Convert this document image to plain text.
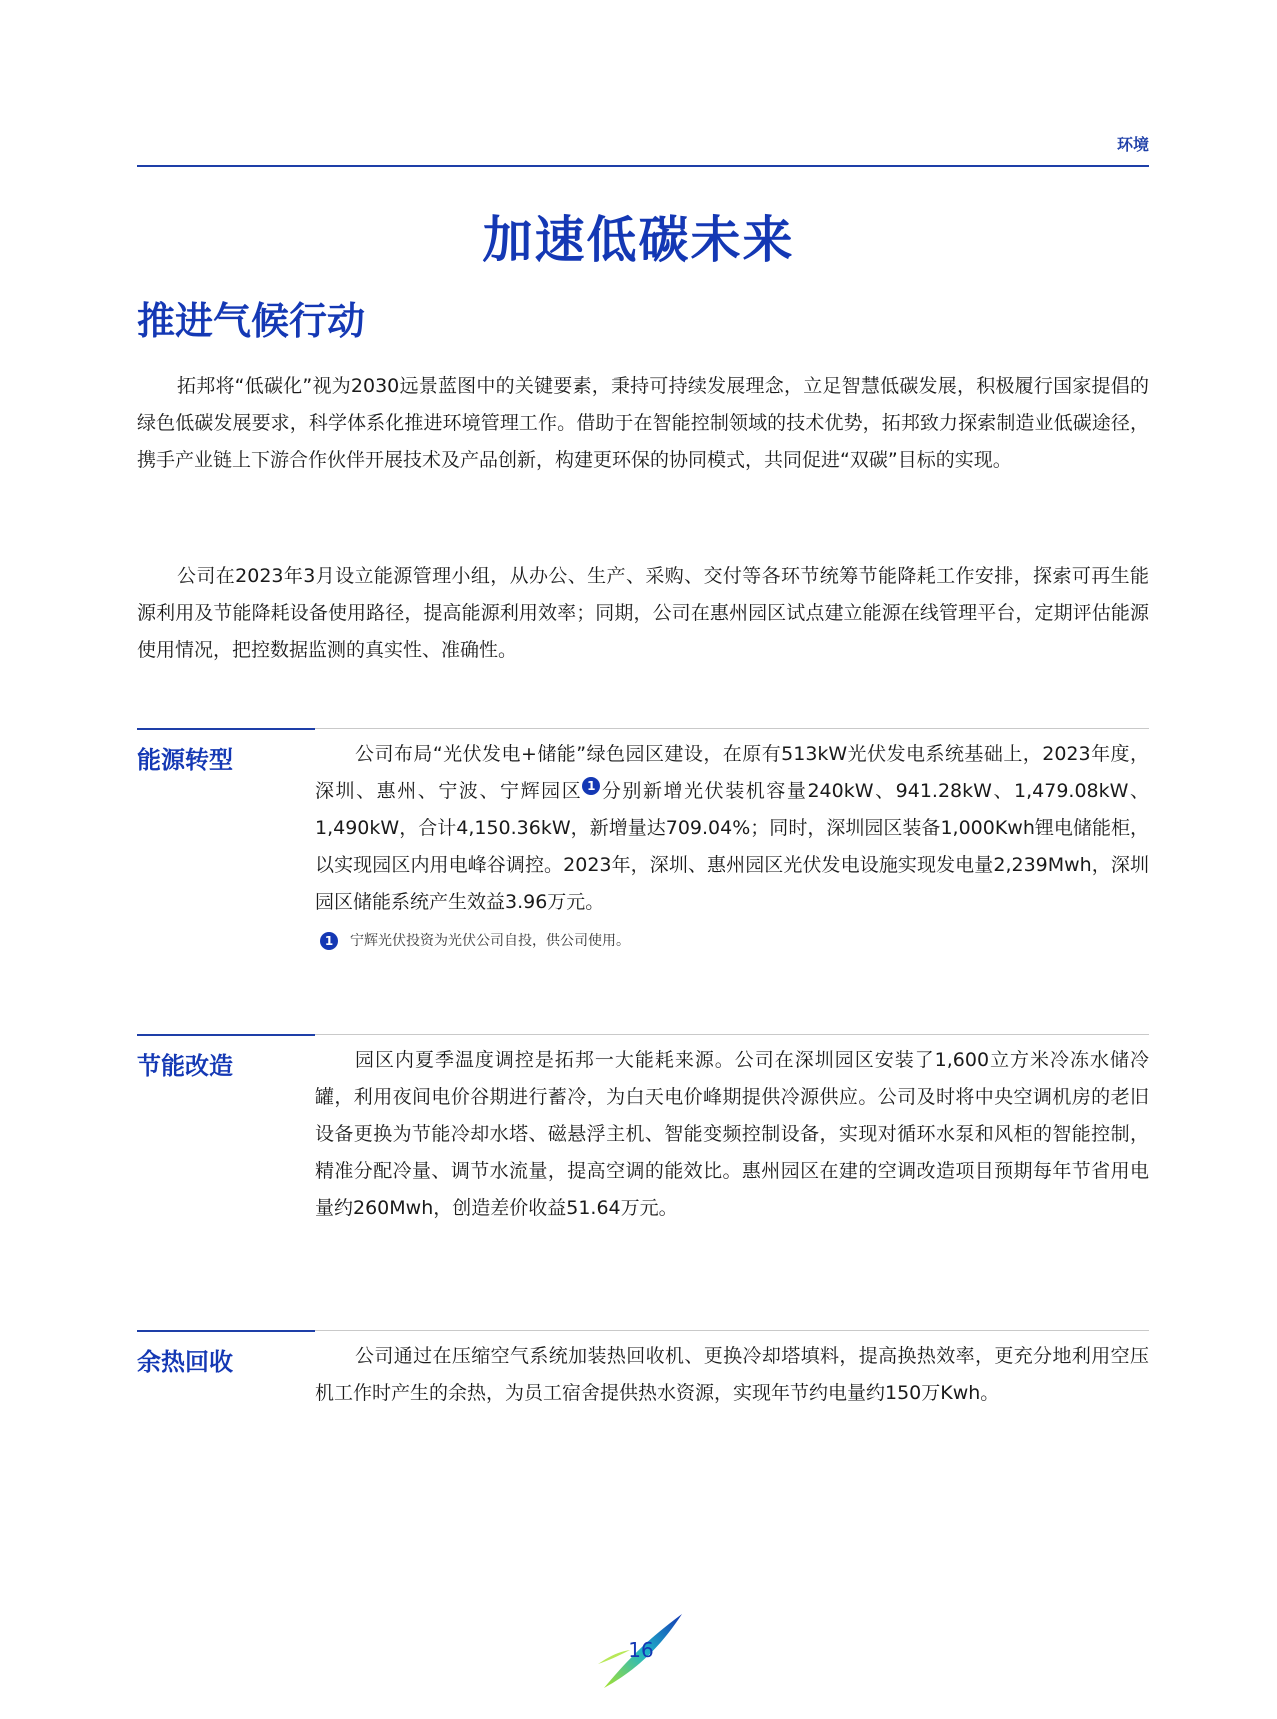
环境
加速低碳未来
推进气候行动

拓邦将“低碳化”视为2030远景蓝图中的关键要素，秉持可持续发展理念，立足智慧低碳发展，积极履行国家提倡的绿色低碳发展要求，科学体系化推进环境管理工作。借助于在智能控制领域的技术优势，拓邦致力探索制造业低碳途径，携手产业链上下游合作伙伴开展技术及产品创新，构建更环保的协同模式，共同促进“双碳”目标的实现。

公司在2023年3月设立能源管理小组，从办公、生产、采购、交付等各环节统筹节能降耗工作安排，探索可再生能源利用及节能降耗设备使用路径，提高能源利用效率；同期，公司在惠州园区试点建立能源在线管理平台，定期评估能源使用情况，把控数据监测的真实性、准确性。

能源转型	公司布局“光伏发电+储能”绿色园区建设，在原有513kW光伏发电系统基础上，2023年度，深圳、惠州、宁波、宁辉园区 1 分别新增光伏装机容量240kW、941.28kW、1,479.08kW、1,490kW，合计4,150.36kW，新增量达709.04%；同时，深圳园区装备1,000Kwh锂电储能柜，以实现园区内用电峰谷调控。2023年，深圳、惠州园区光伏发电设施实现发电量2,239Mwh，深圳园区储能系统产生效益3.96万元。

1 宁辉光伏投资为光伏公司自投，供公司使用。
节能改造	园区内夏季温度调控是拓邦一大能耗来源。公司在深圳园区安装了1,600立方米冷冻水储冷罐，利用夜间电价谷期进行蓄冷，为白天电价峰期提供冷源供应。公司及时将中央空调机房的老旧设备更换为节能冷却水塔、磁悬浮主机、智能变频控制设备，实现对循环水泵和风柜的智能控制，精准分配冷量、调节水流量，提高空调的能效比。惠州园区在建的空调改造项目预期每年节省用电量约260Mwh，创造差价收益51.64万元。

余热回收	公司通过在压缩空气系统加装热回收机、更换冷却塔填料，提高换热效率，更充分地利用空压机工作时产生的余热，为员工宿舍提供热水资源，实现年节约电量约150万Kwh。

16
